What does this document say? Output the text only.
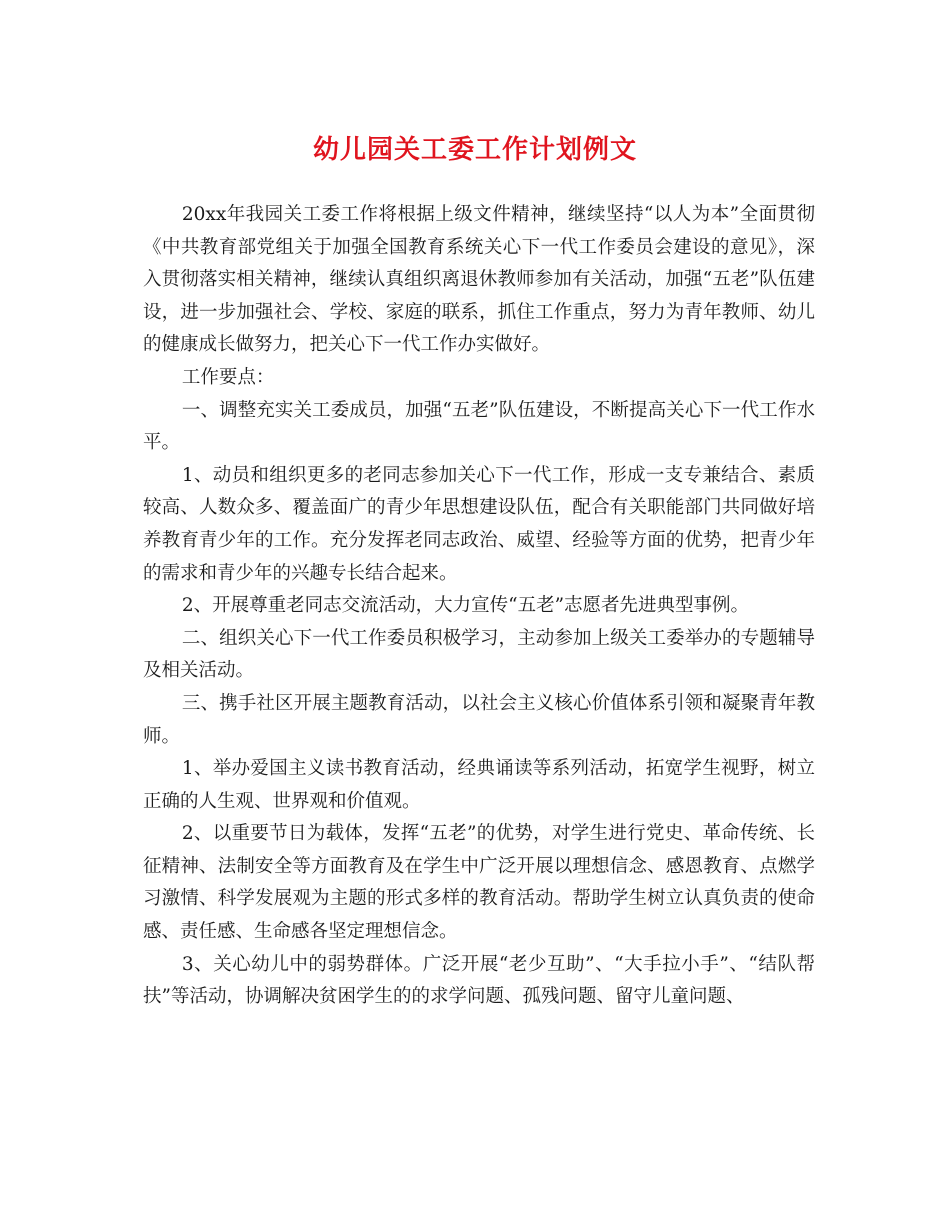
幼儿园关工委工作计划例文

20xx年我园关工委工作将根据上级文件精神，继续坚持“以人为本”全面贯彻《中共教育部党组关于加强全国教育系统关心下一代工作委员会建设的意见》，深入贯彻落实相关精神，继续认真组织离退休教师参加有关活动，加强“五老”队伍建设，进一步加强社会、学校、家庭的联系，抓住工作重点，努力为青年教师、幼儿的健康成长做努力，把关心下一代工作办实做好。

工作要点：

一、调整充实关工委成员，加强“五老”队伍建设，不断提高关心下一代工作水平。

1、动员和组织更多的老同志参加关心下一代工作，形成一支专兼结合、素质较高、人数众多、覆盖面广的青少年思想建设队伍，配合有关职能部门共同做好培养教育青少年的工作。充分发挥老同志政治、威望、经验等方面的优势，把青少年的需求和青少年的兴趣专长结合起来。

2、开展尊重老同志交流活动，大力宣传“五老”志愿者先进典型事例。

二、组织关心下一代工作委员积极学习，主动参加上级关工委举办的专题辅导及相关活动。

三、携手社区开展主题教育活动，以社会主义核心价值体系引领和凝聚青年教师。

1、举办爱国主义读书教育活动，经典诵读等系列活动，拓宽学生视野，树立正确的人生观、世界观和价值观。

2、以重要节日为载体，发挥“五老”的优势，对学生进行党史、革命传统、长征精神、法制安全等方面教育及在学生中广泛开展以理想信念、感恩教育、点燃学习激情、科学发展观为主题的形式多样的教育活动。帮助学生树立认真负责的使命感、责任感、生命感各坚定理想信念。

3、关心幼儿中的弱势群体。广泛开展“老少互助”、“大手拉小手”、“结队帮扶”等活动，协调解决贫困学生的的求学问题、孤残问题、留守儿童问题、
